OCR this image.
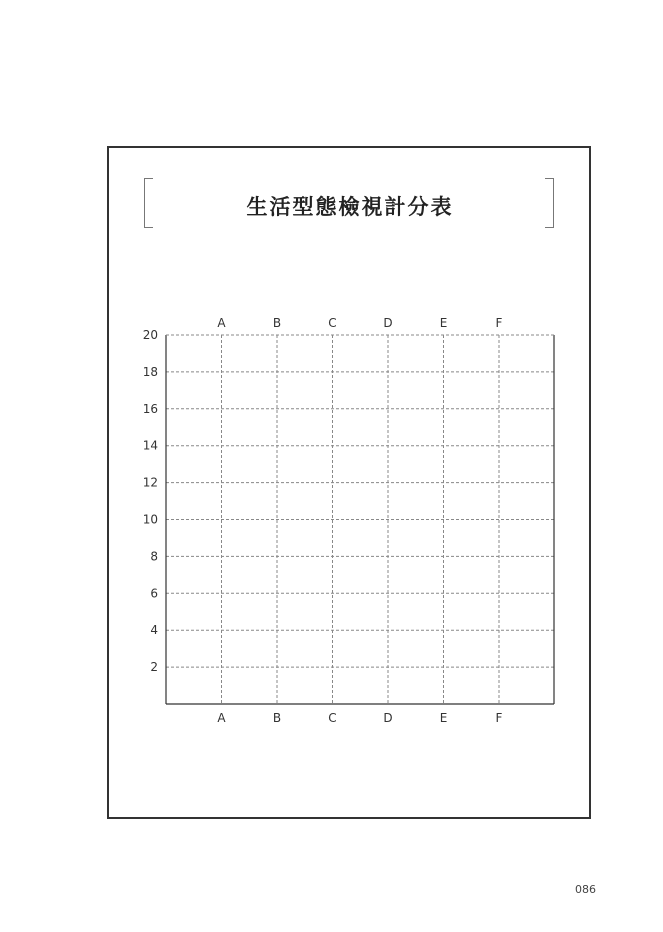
生活型態檢視計分表
2
4
6
8
10
12
14
16
18
20
A
A
B
B
C
C
D
D
E
E
F
F
086
